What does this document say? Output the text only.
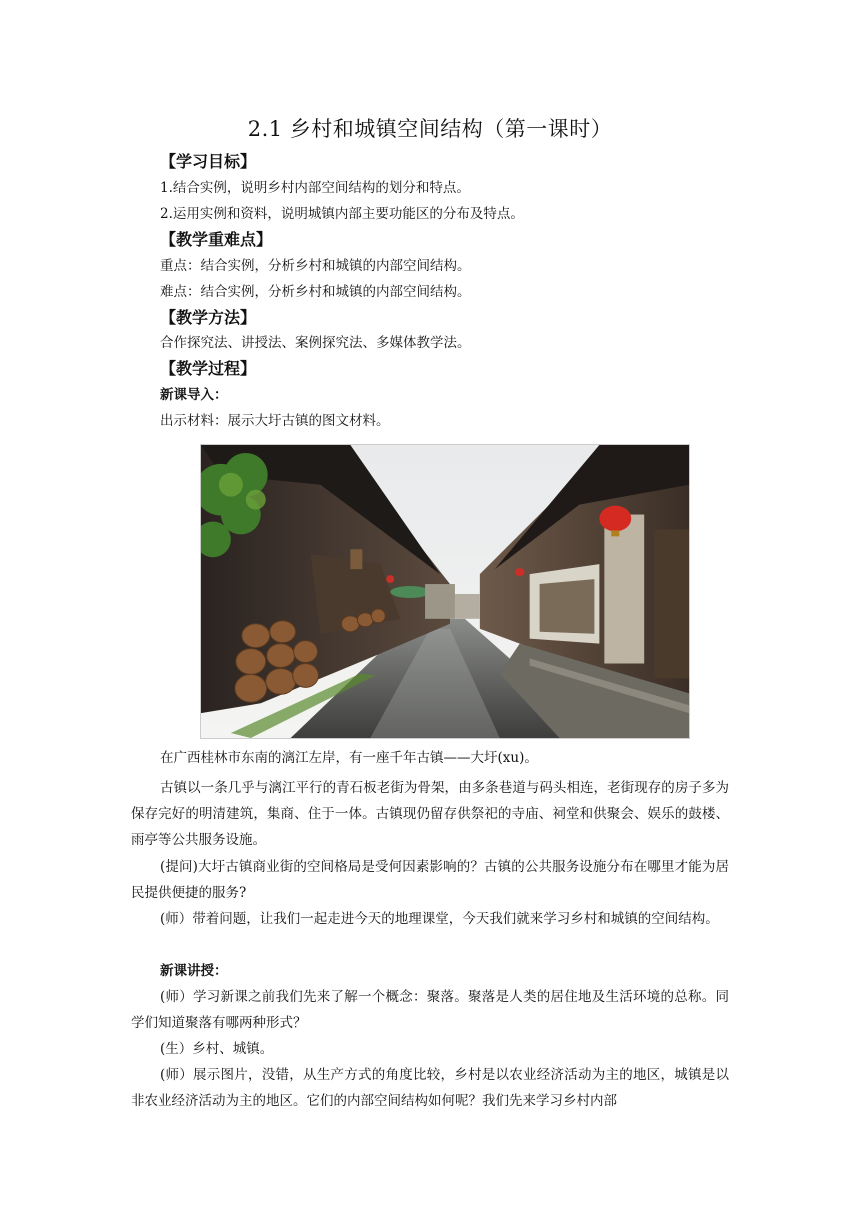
2.1 乡村和城镇空间结构（第一课时）
【学习目标】
1.结合实例，说明乡村内部空间结构的划分和特点。
2.运用实例和资料，说明城镇内部主要功能区的分布及特点。
【教学重难点】
重点：结合实例，分析乡村和城镇的内部空间结构。
难点：结合实例，分析乡村和城镇的内部空间结构。
【教学方法】
合作探究法、讲授法、案例探究法、多媒体教学法。
【教学过程】
新课导入：
出示材料：展示大圩古镇的图文材料。
在广西桂林市东南的漓江左岸，有一座千年古镇——大圩(xu)。
古镇以一条几乎与漓江平行的青石板老街为骨架，由多条巷道与码头相连，老街现存的房子多为保存完好的明清建筑，集商、住于一体。古镇现仍留存供祭祀的寺庙、祠堂和供聚会、娱乐的鼓楼、雨亭等公共服务设施。
(提问)大圩古镇商业街的空间格局是受何因素影响的？古镇的公共服务设施分布在哪里才能为居民提供便捷的服务?
(师）带着问题，让我们一起走进今天的地理课堂，今天我们就来学习乡村和城镇的空间结构。
新课讲授：
(师）学习新课之前我们先来了解一个概念：聚落。聚落是人类的居住地及生活环境的总称。同学们知道聚落有哪两种形式？
(生）乡村、城镇。
(师）展示图片，没错，从生产方式的角度比较，乡村是以农业经济活动为主的地区，城镇是以非农业经济活动为主的地区。它们的内部空间结构如何呢？我们先来学习乡村内部
